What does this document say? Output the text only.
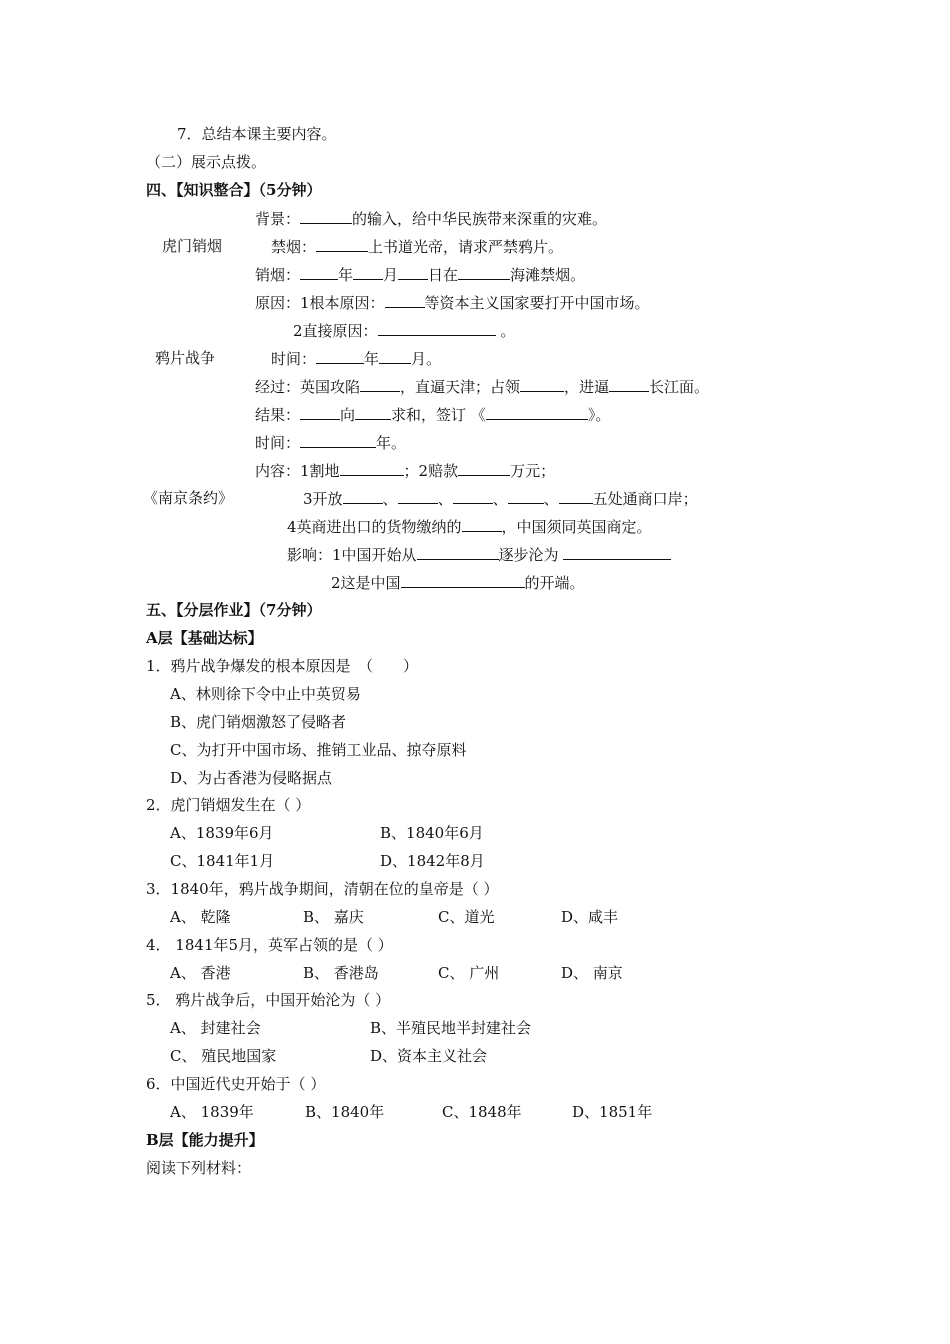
7．总结本课主要内容。
（二）展示点拨。
四、【知识整合】（5分钟）
背景：	的输入，给中华民族带来深重的灾难。
虎门销烟	禁烟：	上书道光帝，请求严禁鸦片。
销烟：	年 月 日在	海滩禁烟。
原因：1根本原因：	等资本主义国家要打开中国市场。
2直接原因：	。
鸦片战争	时间：	年 月。
经过：英国攻陷	，直逼天津；占领	，进逼	长江面。
结果：	向 求和，签订 《	》。
时间：	年。
内容：1割地	；2赔款	万元；
《南京条约》	3开放	、	、	、 、 五处通商口岸；
4英商进出口的货物缴纳的	，中国须同英国商定。
影响：1中国开始从	逐步沦为
2这是中国	的开端。
五、【分层作业】（7分钟）
A层【基础达标】
1．鸦片战争爆发的根本原因是　（　　）
A、林则徐下令中止中英贸易
B、虎门销烟激怒了侵略者
C、为打开中国市场、推销工业品、掠夺原料
D、为占香港为侵略据点
2．虎门销烟发生在（ ）
A、1839年6月	B、1840年6月
C、1841年1月	D、1842年8月
3．1840年，鸦片战争期间，清朝在位的皇帝是（ ）
A、 乾隆	B、 嘉庆	C、道光	D、咸丰
4． 1841年5月，英军占领的是（ ）
A、 香港	B、 香港岛	C、 广州	D、 南京
5． 鸦片战争后，中国开始沦为（ ）
A、 封建社会	B、半殖民地半封建社会
C、 殖民地国家	D、资本主义社会
6．中国近代史开始于（ ）
A、 1839年	B、1840年	C、1848年	D、1851年
B层【能力提升】
阅读下列材料：
